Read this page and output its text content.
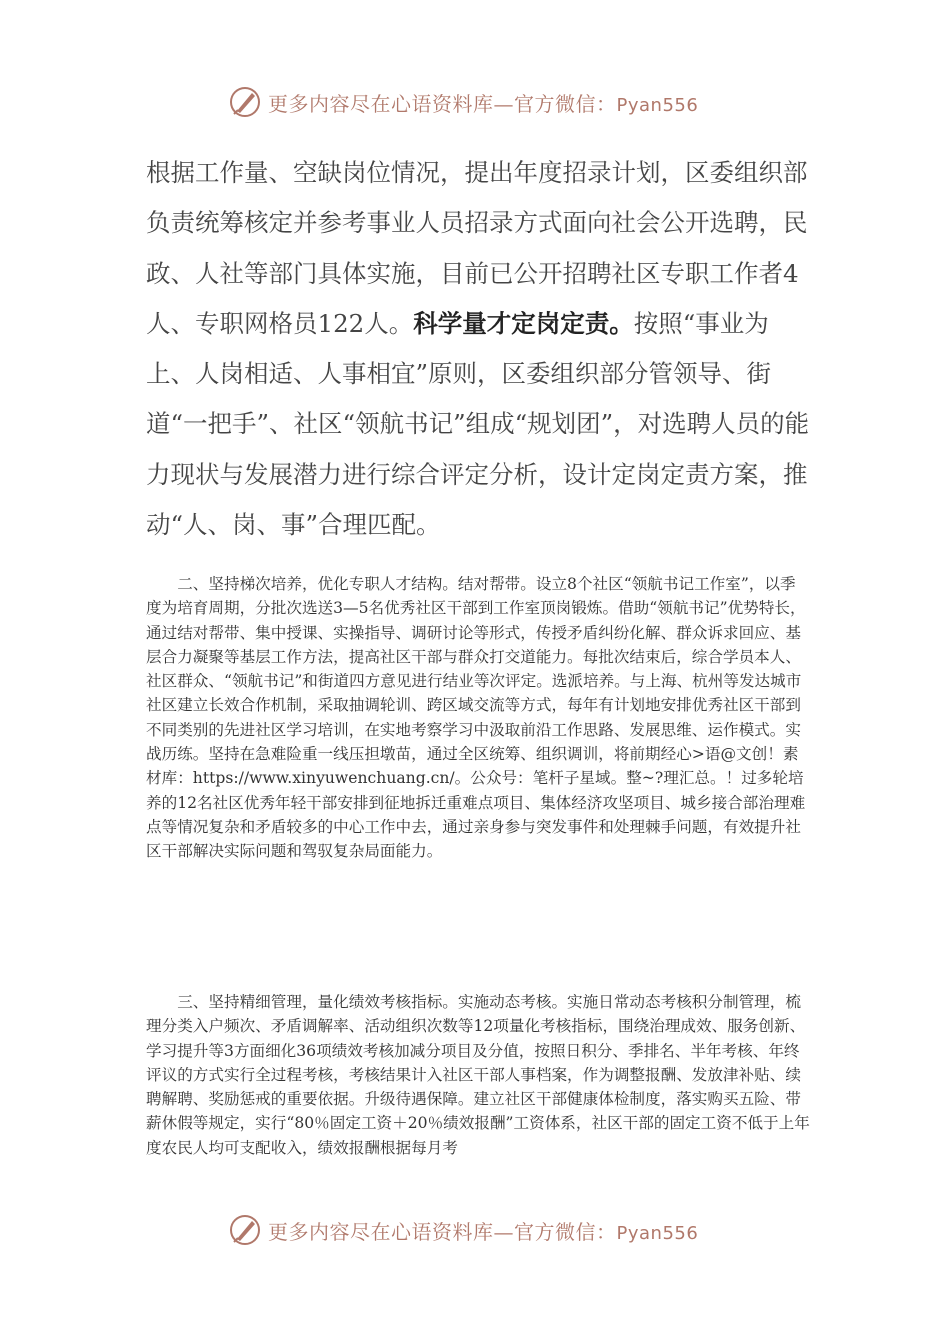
更多内容尽在心语资料库—官方微信：Pyan556

根据工作量、空缺岗位情况，提出年度招录计划，区委组织部负责统筹核定并参考事业人员招录方式面向社会公开选聘，民政、人社等部门具体实施，目前已公开招聘社区专职工作者4人、专职网格员122人。科学量才定岗定责。按照“事业为上、人岗相适、人事相宜”原则，区委组织部分管领导、街道“一把手”、社区“领航书记”组成“规划团”，对选聘人员的能力现状与发展潜力进行综合评定分析，设计定岗定责方案，推动“人、岗、事”合理匹配。

二、坚持梯次培养，优化专职人才结构。结对帮带。设立8个社区“领航书记工作室”，以季度为培育周期，分批次选送3—5名优秀社区干部到工作室顶岗锻炼。借助“领航书记”优势特长，通过结对帮带、集中授课、实操指导、调研讨论等形式，传授矛盾纠纷化解、群众诉求回应、基层合力凝聚等基层工作方法，提高社区干部与群众打交道能力。每批次结束后，综合学员本人、社区群众、“领航书记”和街道四方意见进行结业等次评定。选派培养。与上海、杭州等发达城市社区建立长效合作机制，采取抽调轮训、跨区域交流等方式，每年有计划地安排优秀社区干部到不同类别的先进社区学习培训，在实地考察学习中汲取前沿工作思路、发展思维、运作模式。实战历练。坚持在急难险重一线压担墩苗，通过全区统筹、组织调训，将前期经心>语@文创！素材库：https://www.xinyuwenchuang.cn/。公众号：笔杆子星域。整~?理汇总。！过多轮培养的12名社区优秀年轻干部安排到征地拆迁重难点项目、集体经济攻坚项目、城乡接合部治理难点等情况复杂和矛盾较多的中心工作中去，通过亲身参与突发事件和处理棘手问题，有效提升社区干部解决实际问题和驾驭复杂局面能力。

三、坚持精细管理，量化绩效考核指标。实施动态考核。实施日常动态考核积分制管理，梳理分类入户频次、矛盾调解率、活动组织次数等12项量化考核指标，围绕治理成效、服务创新、学习提升等3方面细化36项绩效考核加减分项目及分值，按照日积分、季排名、半年考核、年终评议的方式实行全过程考核，考核结果计入社区干部人事档案，作为调整报酬、发放津补贴、续聘解聘、奖励惩戒的重要依据。升级待遇保障。建立社区干部健康体检制度，落实购买五险、带薪休假等规定，实行“80％固定工资＋20％绩效报酬”工资体系，社区干部的固定工资不低于上年度农民人均可支配收入，绩效报酬根据每月考

更多内容尽在心语资料库—官方微信：Pyan556
